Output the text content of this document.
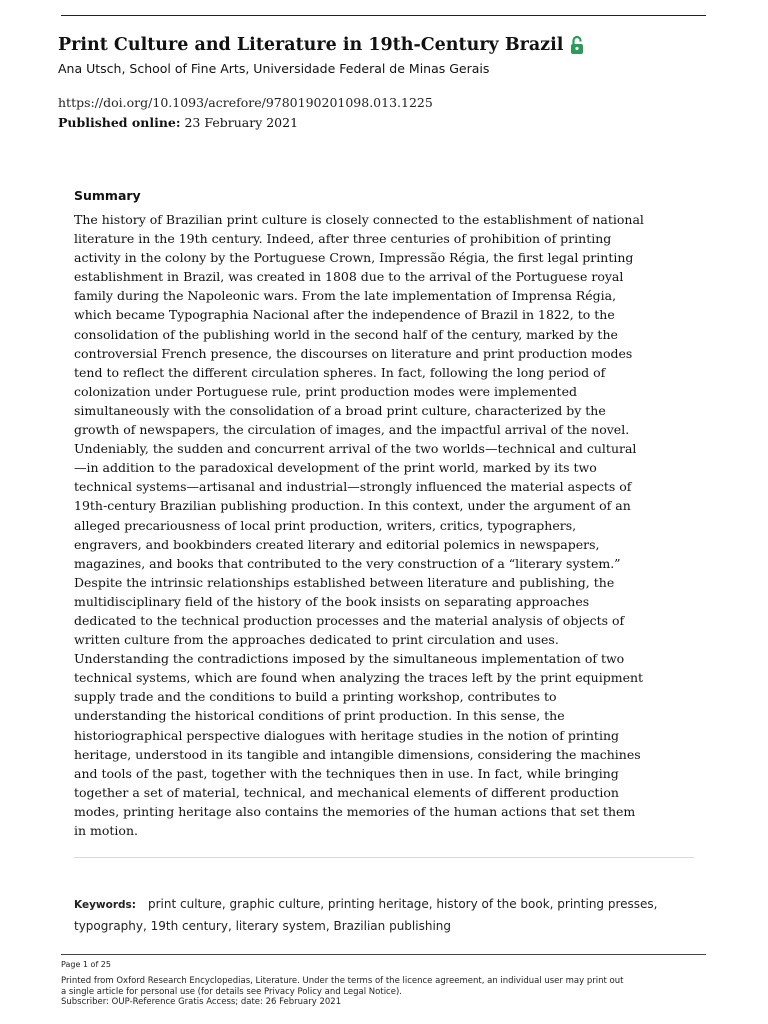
Print Culture and Literature in 19th-Century Brazil
Ana Utsch, School of Fine Arts, Universidade Federal de Minas Gerais
https://doi.org/10.1093/acrefore/9780190201098.013.1225
Published online: 23 February 2021
Summary
The history of Brazilian print culture is closely connected to the establishment of national
literature in the 19th century. Indeed, after three centuries of prohibition of printing
activity in the colony by the Portuguese Crown, Impressão Régia, the first legal printing
establishment in Brazil, was created in 1808 due to the arrival of the Portuguese royal
family during the Napoleonic wars. From the late implementation of Imprensa Régia,
which became Typographia Nacional after the independence of Brazil in 1822, to the
consolidation of the publishing world in the second half of the century, marked by the
controversial French presence, the discourses on literature and print production modes
tend to reflect the different circulation spheres. In fact, following the long period of
colonization under Portuguese rule, print production modes were implemented
simultaneously with the consolidation of a broad print culture, characterized by the
growth of newspapers, the circulation of images, and the impactful arrival of the novel.
Undeniably, the sudden and concurrent arrival of the two worlds—technical and cultural
—in addition to the paradoxical development of the print world, marked by its two
technical systems—artisanal and industrial—strongly influenced the material aspects of
19th-century Brazilian publishing production. In this context, under the argument of an
alleged precariousness of local print production, writers, critics, typographers,
engravers, and bookbinders created literary and editorial polemics in newspapers,
magazines, and books that contributed to the very construction of a “literary system.”
Despite the intrinsic relationships established between literature and publishing, the
multidisciplinary field of the history of the book insists on separating approaches
dedicated to the technical production processes and the material analysis of objects of
written culture from the approaches dedicated to print circulation and uses.
Understanding the contradictions imposed by the simultaneous implementation of two
technical systems, which are found when analyzing the traces left by the print equipment
supply trade and the conditions to build a printing workshop, contributes to
understanding the historical conditions of print production. In this sense, the
historiographical perspective dialogues with heritage studies in the notion of printing
heritage, understood in its tangible and intangible dimensions, considering the machines
and tools of the past, together with the techniques then in use. In fact, while bringing
together a set of material, technical, and mechanical elements of different production
modes, printing heritage also contains the memories of the human actions that set them
in motion.
Keywords: print culture, graphic culture, printing heritage, history of the book, printing presses,
typography, 19th century, literary system, Brazilian publishing
Page 1 of 25
Printed from Oxford Research Encyclopedias, Literature. Under the terms of the licence agreement, an individual user may print out
a single article for personal use (for details see Privacy Policy and Legal Notice).
Subscriber: OUP-Reference Gratis Access; date: 26 February 2021
